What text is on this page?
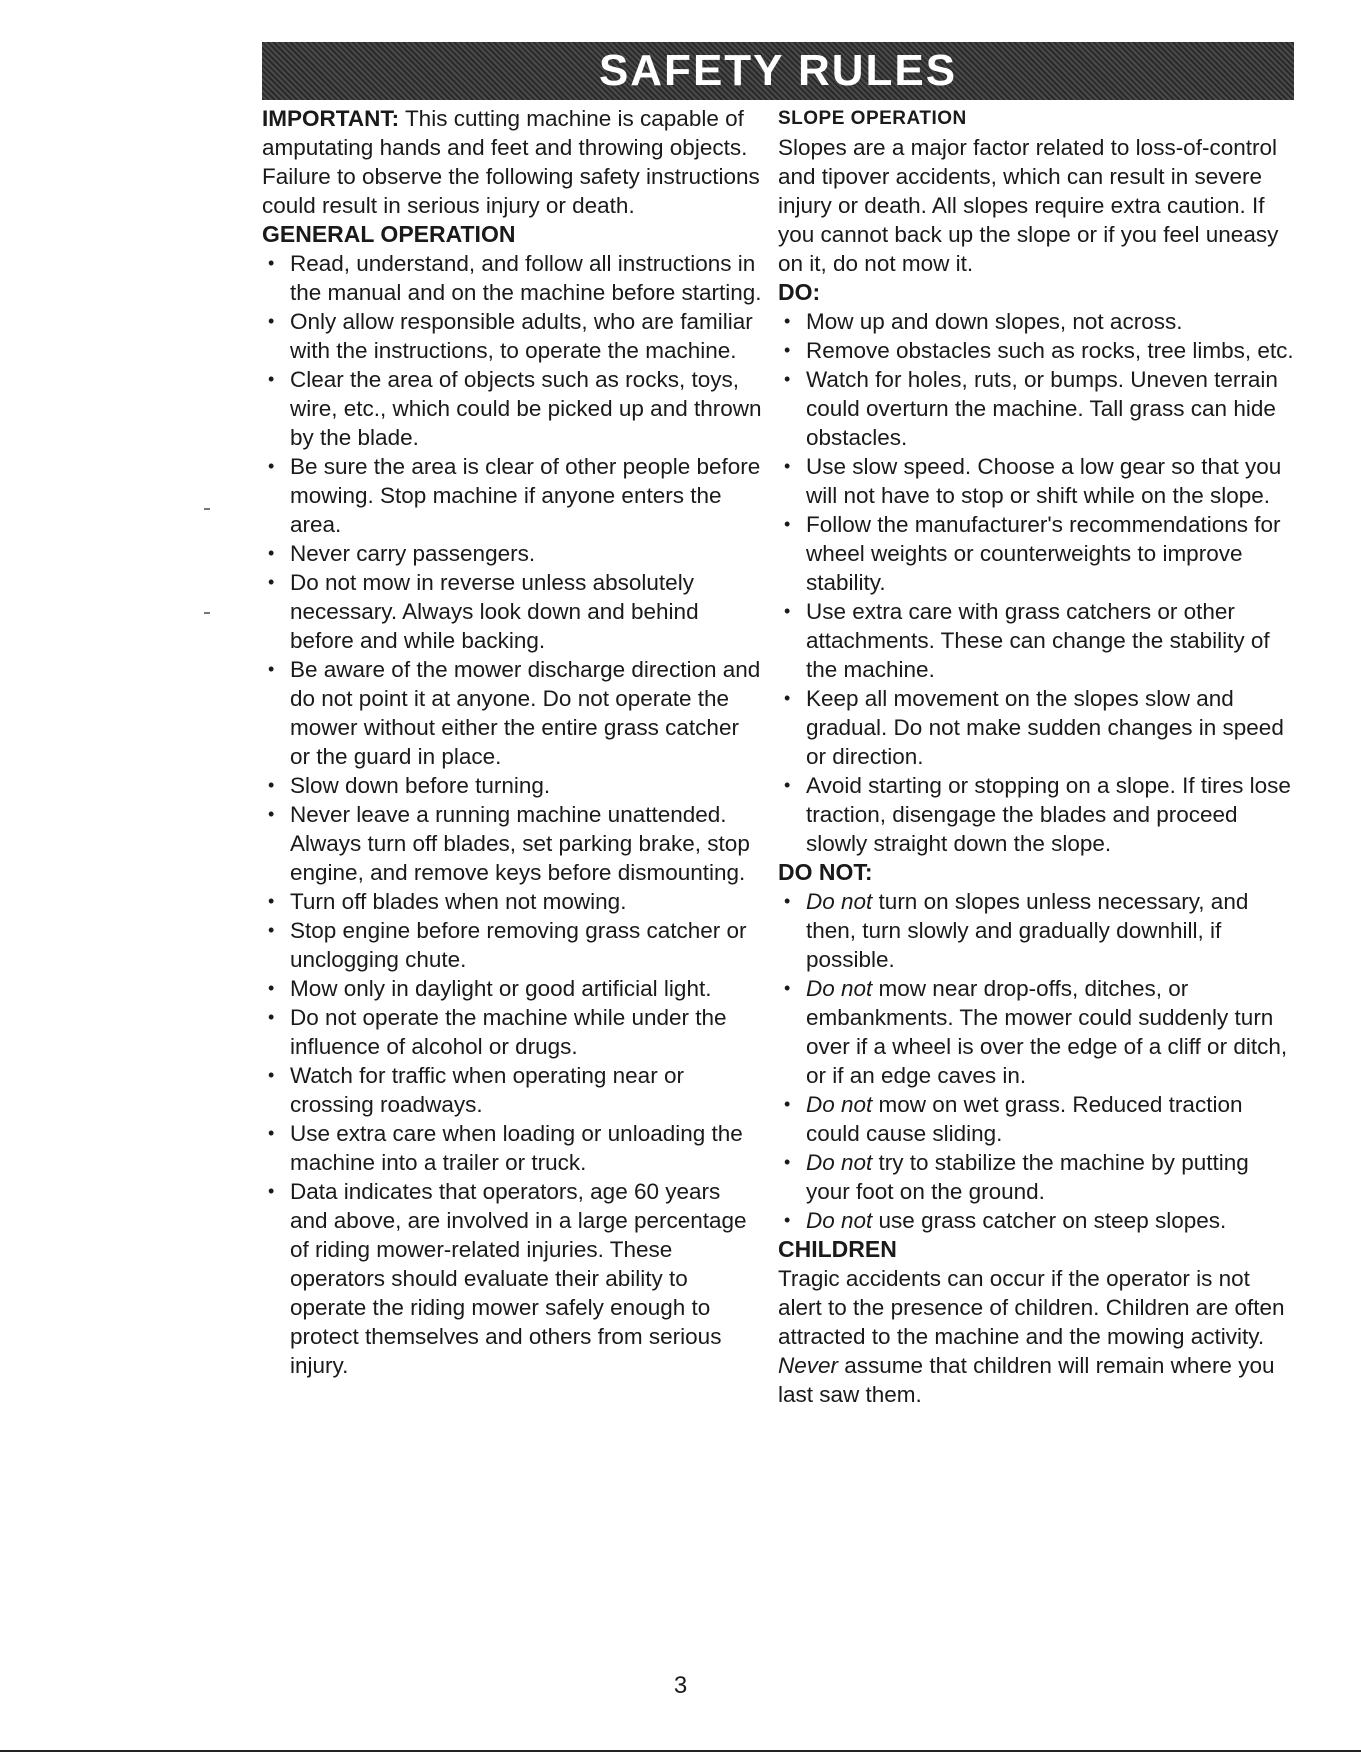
SAFETY RULES

IMPORTANT: This cutting machine is capable of amputating hands and feet and throwing objects. Failure to observe the following safety instructions could result in serious injury or death.

GENERAL OPERATION

• Read, understand, and follow all instructions in the manual and on the machine before starting.
• Only allow responsible adults, who are familiar with the instructions, to operate the machine.
• Clear the area of objects such as rocks, toys, wire, etc., which could be picked up and thrown by the blade.
• Be sure the area is clear of other people before mowing. Stop machine if anyone enters the area.
• Never carry passengers.
• Do not mow in reverse unless absolutely necessary. Always look down and behind before and while backing.
• Be aware of the mower discharge direction and do not point it at anyone. Do not operate the mower without either the entire grass catcher or the guard in place.
• Slow down before turning.
• Never leave a running machine unattended. Always turn off blades, set parking brake, stop engine, and remove keys before dismounting.
• Turn off blades when not mowing.
• Stop engine before removing grass catcher or unclogging chute.
• Mow only in daylight or good artificial light.
• Do not operate the machine while under the influence of alcohol or drugs.
• Watch for traffic when operating near or crossing roadways.
• Use extra care when loading or unloading the machine into a trailer or truck.
• Data indicates that operators, age 60 years and above, are involved in a large percentage of riding mower-related injuries. These operators should evaluate their ability to operate the riding mower safely enough to protect themselves and others from serious injury.

SLOPE OPERATION

Slopes are a major factor related to loss-of-control and tipover accidents, which can result in severe injury or death. All slopes require extra caution. If you cannot back up the slope or if you feel uneasy on it, do not mow it.

DO:

• Mow up and down slopes, not across.
• Remove obstacles such as rocks, tree limbs, etc.
• Watch for holes, ruts, or bumps. Uneven terrain could overturn the machine. Tall grass can hide obstacles.
• Use slow speed. Choose a low gear so that you will not have to stop or shift while on the slope.
• Follow the manufacturer's recommendations for wheel weights or counterweights to improve stability.
• Use extra care with grass catchers or other attachments. These can change the stability of the machine.
• Keep all movement on the slopes slow and gradual. Do not make sudden changes in speed or direction.
• Avoid starting or stopping on a slope. If tires lose traction, disengage the blades and proceed slowly straight down the slope.

DO NOT:

• Do not turn on slopes unless necessary, and then, turn slowly and gradually downhill, if possible.
• Do not mow near drop-offs, ditches, or embankments. The mower could suddenly turn over if a wheel is over the edge of a cliff or ditch, or if an edge caves in.
• Do not mow on wet grass. Reduced traction could cause sliding.
• Do not try to stabilize the machine by putting your foot on the ground.
• Do not use grass catcher on steep slopes.

CHILDREN

Tragic accidents can occur if the operator is not alert to the presence of children. Children are often attracted to the machine and the mowing activity. Never assume that children will remain where you last saw them.

3
